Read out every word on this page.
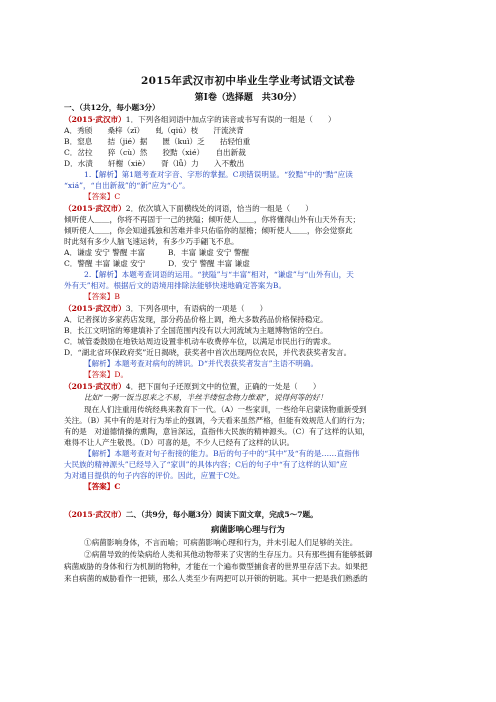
2015年武汉市初中毕业生学业考试语文试卷
第Ⅰ卷（选择题　共30分）
一、（共12分，每小题3分）
（2015·武汉市）1．下列各组词语中加点字的读音或书写有误的一组是（　　）
A．秀颀　　桑梓（zǐ）　　虬（qiú）枝　　汗流浃背
B．窒息　　拮（jié）据　　匮（kuì）乏　　拈轻怕重
C．岔拉　　猝（cù）然　　狡黠（xié）　　自出新裁
D．水渍　　轩榭（xiè）　　胥（lǚ）力　　入不敷出
1.【解析】第1题考查对字音、字形的掌握。C项错误明显。“狡黠”中的“黠”应读
“xiá”，“自出新裁”的“新”应为“心”。
【答案】C
（2015·武汉市）2．依次填入下面横线处的词语，恰当的一组是（　　）
倾听使人＿＿，你将不再固于一己的狭隘；倾听使人＿＿，你将懂得山外有山天外有天；
倾听使人＿＿，你会知道孤独和苦难并非只佑临你的屋檐；倾听使人＿＿，你会觉察此
时此刻有多少人脑飞速运转，有多少巧手翩飞不息。
A．谦虚 安宁 警醒 丰富　　　B．丰富 谦虚 安宁 警醒
C．警醒 丰富 谦虚 安宁　　　D．安宁 警醒 丰富 谦虚
2.【解析】本题考查词语的运用。“狭隘”与“丰富”相对，“谦虚”与“山外有山，天
外有天”相对。根据后文的语境用排除法能够快速地确定答案为B。
【答案】B
（2015·武汉市）3．下列各项中，有语病的一项是（　　）
A．记者探访多家药店发现，部分药品价格上调，绝大多数药品价格保持稳定。
B．长江文明馆的筹建填补了全国范围内没有以大河流域为主题博物馆的空白。
C．城管委鼓励在地铁站周边设置非机动车收费停车位，以满足市民出行的需求。
D．“湖北省环保政府奖”近日揭晓，获奖者中首次出现两位农民，并代表获奖者发言。
【解析】本题考查对病句的辨识。D“并代表获奖者发言”主语不明确。
【答案】D。
（2015·武汉市）4．把下面句子还原到文中的位置，正确的一处是（　　）
比如“一粥一饭当思来之不易，半丝半缕恒念物力维艰”，说得何等的好！
现在人们注重用传统经典来教育下一代。（A）一些家训，一些给年启蒙读物重新受到
关注。（B）其中有的是对行为举止的强调，今天看来虽然严格，但能有效规范人们的行为；
有的是　对道德情操的熏陶，意旨深远，直指伟大民族的精神源头。（C）有了这样的认知，
难得不让人产生敬畏。（D）可喜的是，不少人已经有了这样的认识。
【解析】本题考查对句子衔接的能力。B后的句子中的“其中”及“有的是……直指伟
大民族的精神源头”已经导入了“家训”的具体内容；C后的句子中“有了这样的认知”应
为对通目提供的句子内容的评价。因此，应置于C处。
【答案】C
（2015·武汉市）二、（共9分，每小题3分）阅读下面文章，完成5～7题。
病菌影响心理与行为
①病菌影响身体，不言而喻；可病菌影响心理和行为，并未引起人们足够的关注。
②病菌导致的传染病给人类和其他动物带来了灾害的生存压力。只有那些拥有能够抵御
病菌威胁的身体和行为机制的物种，才能在一个遍布微型捕食者的世界里存活下去。如果把
来自病菌的威胁看作一把锁，那么人类至少有两把可以开锁的钥匙。其中一把是我们熟悉的
